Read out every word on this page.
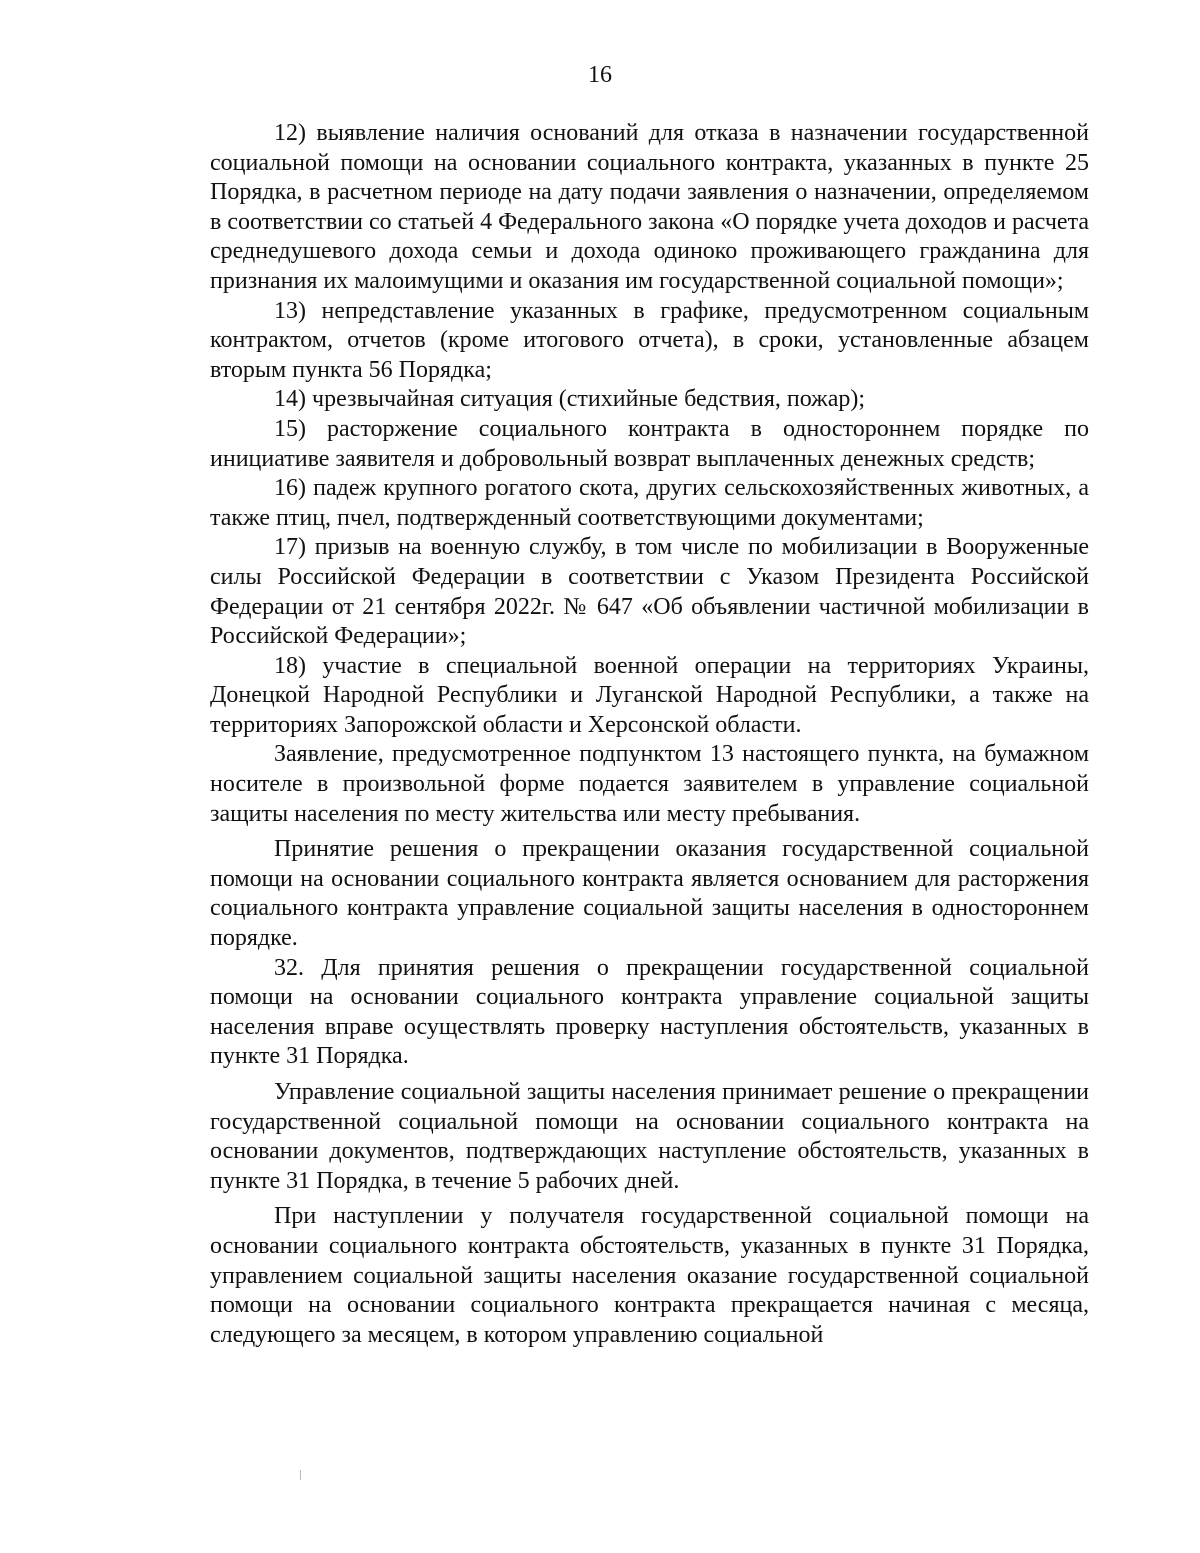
16

12) выявление наличия оснований для отказа в назначении государственной социальной помощи на основании социального контракта, указанных в пункте 25 Порядка, в расчетном периоде на дату подачи заявления о назначении, определяемом в соответствии со статьей 4 Федерального закона «О порядке учета доходов и расчета среднедушевого дохода семьи и дохода одиноко проживающего гражданина для признания их малоимущими и оказания им государственной социальной помощи»;

13) непредставление указанных в графике, предусмотренном социальным контрактом, отчетов (кроме итогового отчета), в сроки, установленные абзацем вторым пункта 56 Порядка;

14) чрезвычайная ситуация (стихийные бедствия, пожар);

15) расторжение социального контракта в одностороннем порядке по инициативе заявителя и добровольный возврат выплаченных денежных средств;

16) падеж крупного рогатого скота, других сельскохозяйственных животных, а также птиц, пчел, подтвержденный соответствующими документами;

17) призыв на военную службу, в том числе по мобилизации в Вооруженные силы Российской Федерации в соответствии с Указом Президента Российской Федерации от 21 сентября 2022г. № 647 «Об объявлении частичной мобилизации в Российской Федерации»;

18) участие в специальной военной операции на территориях Украины, Донецкой Народной Республики и Луганской Народной Республики, а также на территориях Запорожской области и Херсонской области.

Заявление, предусмотренное подпунктом 13 настоящего пункта, на бумажном носителе в произвольной форме подается заявителем в управление социальной защиты населения по месту жительства или месту пребывания.

Принятие решения о прекращении оказания государственной социальной помощи на основании социального контракта является основанием для расторжения социального контракта управление социальной защиты населения в одностороннем порядке.

32. Для принятия решения о прекращении государственной социальной помощи на основании социального контракта управление социальной защиты населения вправе осуществлять проверку наступления обстоятельств, указанных в пункте 31 Порядка.

Управление социальной защиты населения принимает решение о прекращении государственной социальной помощи на основании социального контракта на основании документов, подтверждающих наступление обстоятельств, указанных в пункте 31 Порядка, в течение 5 рабочих дней.

При наступлении у получателя государственной социальной помощи на основании социального контракта обстоятельств, указанных в пункте 31 Порядка, управлением социальной защиты населения оказание государственной социальной помощи на основании социального контракта прекращается начиная с месяца, следующего за месяцем, в котором управлению социальной
